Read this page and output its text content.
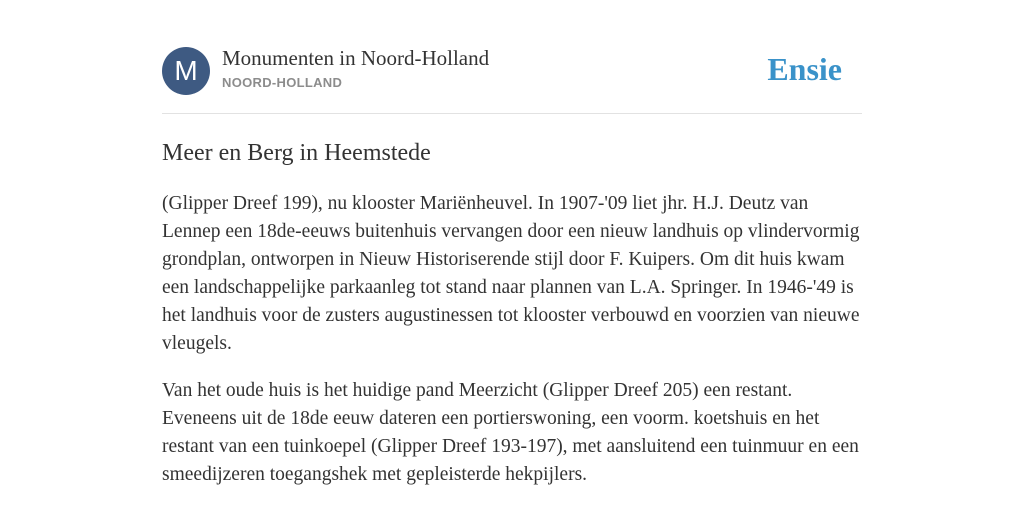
M	Monumenten in Noord-Holland
NOORD-HOLLAND	Ensie
Meer en Berg in Heemstede

(Glipper Dreef 199), nu klooster Mariënheuvel. In 1907-'09 liet jhr. H.J. Deutz van Lennep een 18de-eeuws buitenhuis vervangen door een nieuw landhuis op vlindervormig grondplan, ontworpen in Nieuw Historiserende stijl door F. Kuipers. Om dit huis kwam een landschappelijke parkaanleg tot stand naar plannen van L.A. Springer. In 1946-'49 is het landhuis voor de zusters augustinessen tot klooster verbouwd en voorzien van nieuwe vleugels.

Van het oude huis is het huidige pand Meerzicht (Glipper Dreef 205) een restant. Eveneens uit de 18de eeuw dateren een portierswoning, een voorm. koetshuis en het restant van een tuinkoepel (Glipper Dreef 193-197), met aansluitend een tuinmuur en een smeedijzeren toegangshek met gepleisterde hekpijlers.
